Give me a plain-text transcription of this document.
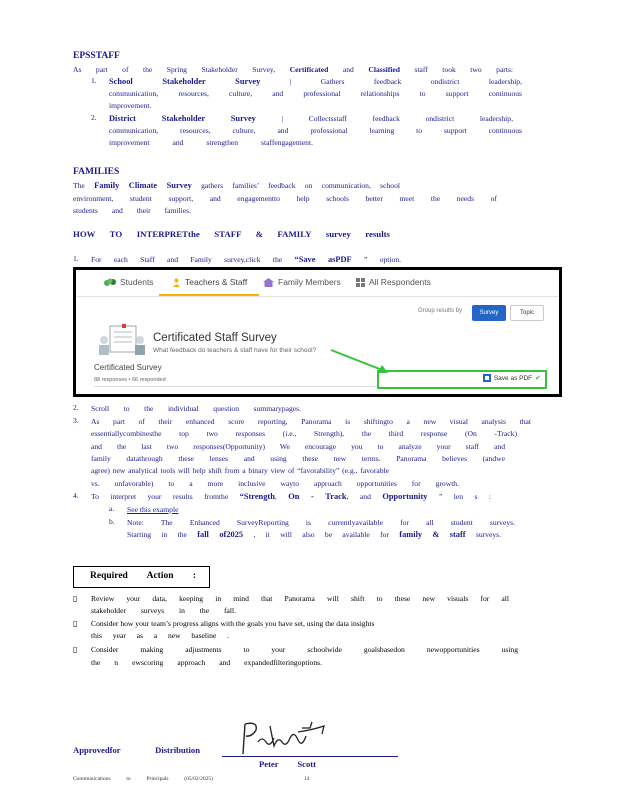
EPSSTAFF
As part of the Spring Stakeholder Survey, Certificated and Classified staff took two parts:
1. School Stakeholder Survey	| Gathers feedback ondistrict leadership,
communication, resources, culture, and professional relationships to support continuous
improvement.
2. District Stakeholder Survey	| Collectsstaff feedback ondistrict leadership,
communication, resources, culture, and professional learning to support continuous
improvement and strengthen staffengagement.
FAMILIES
The Family Climate Survey gathers families’ feedback on communication, school
environment, student support, and engagementto help schools better meet the needs of
students and their families.
HOW TO INTERPRETthe STAFF & FAMILY survey results
1. For each Staff and Family survey,click the “Save asPDF ” option.
Students	Teachers & Staff	Family Members	All Respondents
Group results by	Survey	Topic
Certificated Staff Survey
What feedback do teachers & staff have for their school?
Certificated Survey
88 responses • 66 responded	Save as PDF ✔
2. Scroll to the individual question summarypages.
3. As part of their enhanced score reporting, Panorama is shiftingto a new visual analysis that
essentiallycombinesthe top two responses (i.e., Strength), the third response (On -Track)
and the last two responses(Opportunity) We encourage you to analyze your staff and
family datathrough these lenses and using these new terms. Panorama believes (andwe
agree) new analytical tools will help shift from a binary view of “favorability” (e.g., favorable
vs. unfavorable) to a more inclusive wayto approach opportunities for growth.
4. To interpret your results fromthe “Strength, On - Track, and Opportunity ” len s :
a. See this example
b. Note: The Enhanced SurveyReporting is currentlyavailable for all student surveys.
Starting in the fall of2025 , it will also be available for family & staff surveys.
Required Action :
▯ Review your data, keeping in mind that Panorama will shift to these new visuals for all
stakeholder surveys in the fall.
▯ Consider how your team’s progress aligns with the goals you have set, using the data insights
this year as a new baseline .
▯ Consider making adjustments to your schoolwide goalsbasedon newopportunities using
the n ewscoring approach and expandedfilteringoptions.
Approvedfor Distribution
Peter Scott
Communications to Principals (05/02/2025)	14
